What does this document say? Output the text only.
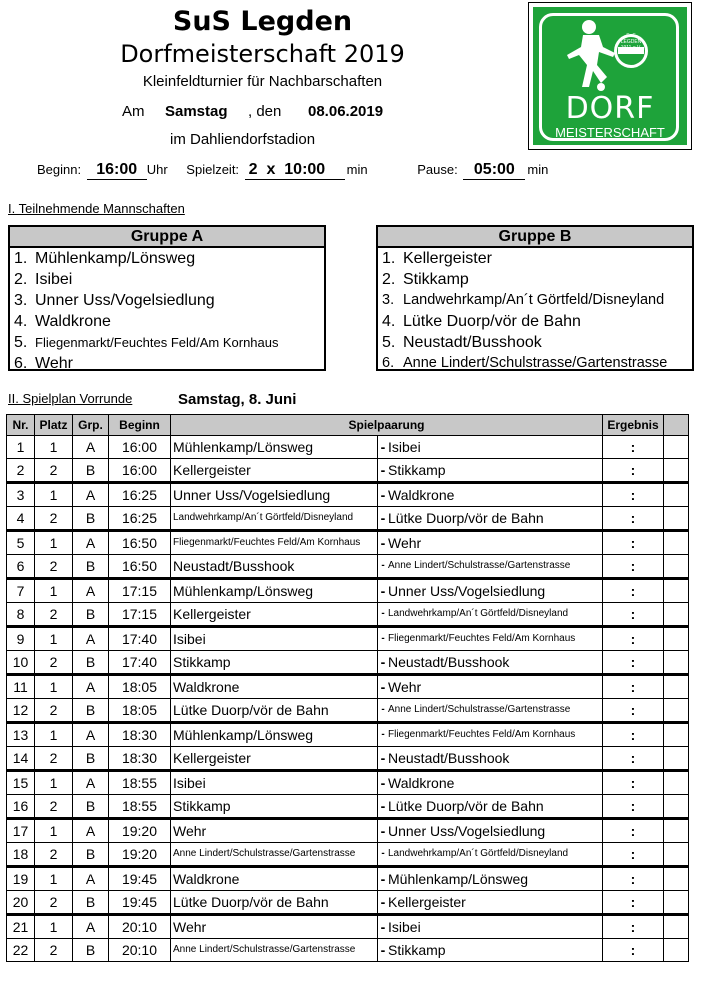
SuS Legden
Dorfmeisterschaft 2019
Kleinfeldturnier für Nachbarschaften
Am Samstag , den 08.06.2019
im Dahliendorfstadion
SuS LEGDEN 1911 e.V.
DORF
MEISTERSCHAFT
Beginn: 16:00 Uhr Spielzeit: 2 x 10:00 min	Pause: 05:00 min
I. Teilnehmende Mannschaften
Gruppe A
1. Mühlenkamp/Lönsweg
2. Isibei
3. Unner Uss/Vogelsiedlung
4. Waldkrone
5. Fliegenmarkt/Feuchtes Feld/Am Kornhaus
6. Wehr
Gruppe B
1. Kellergeister
2. Stikkamp
3. Landwehrkamp/An´t Görtfeld/Disneyland
4. Lütke Duorp/vör de Bahn
5. Neustadt/Busshook
6. Anne Lindert/Schulstrasse/Gartenstrasse
II. Spielplan Vorrunde	Samstag, 8. Juni
Nr.	Platz	Grp.	Beginn	Spielpaarung		Ergebnis	
1	1	A	16:00	Mühlenkamp/Lönsweg	- Isibei	:	
2	2	B	16:00	Kellergeister	- Stikkamp	:	
3	1	A	16:25	Unner Uss/Vogelsiedlung	- Waldkrone	:	
4	2	B	16:25	Landwehrkamp/An´t Görtfeld/Disneyland	- Lütke Duorp/vör de Bahn	:	
5	1	A	16:50	Fliegenmarkt/Feuchtes Feld/Am Kornhaus	- Wehr	:	
6	2	B	16:50	Neustadt/Busshook	- Anne Lindert/Schulstrasse/Gartenstrasse	:	
7	1	A	17:15	Mühlenkamp/Lönsweg	- Unner Uss/Vogelsiedlung	:	
8	2	B	17:15	Kellergeister	- Landwehrkamp/An´t Görtfeld/Disneyland	:	
9	1	A	17:40	Isibei	- Fliegenmarkt/Feuchtes Feld/Am Kornhaus	:	
10	2	B	17:40	Stikkamp	- Neustadt/Busshook	:	
11	1	A	18:05	Waldkrone	- Wehr	:	
12	2	B	18:05	Lütke Duorp/vör de Bahn	- Anne Lindert/Schulstrasse/Gartenstrasse	:	
13	1	A	18:30	Mühlenkamp/Lönsweg	- Fliegenmarkt/Feuchtes Feld/Am Kornhaus	:	
14	2	B	18:30	Kellergeister	- Neustadt/Busshook	:	
15	1	A	18:55	Isibei	- Waldkrone	:	
16	2	B	18:55	Stikkamp	- Lütke Duorp/vör de Bahn	:	
17	1	A	19:20	Wehr	- Unner Uss/Vogelsiedlung	:	
18	2	B	19:20	Anne Lindert/Schulstrasse/Gartenstrasse	- Landwehrkamp/An´t Görtfeld/Disneyland	:	
19	1	A	19:45	Waldkrone	- Mühlenkamp/Lönsweg	:	
20	2	B	19:45	Lütke Duorp/vör de Bahn	- Kellergeister	:	
21	1	A	20:10	Wehr	- Isibei	:	
22	2	B	20:10	Anne Lindert/Schulstrasse/Gartenstrasse	- Stikkamp	:	
